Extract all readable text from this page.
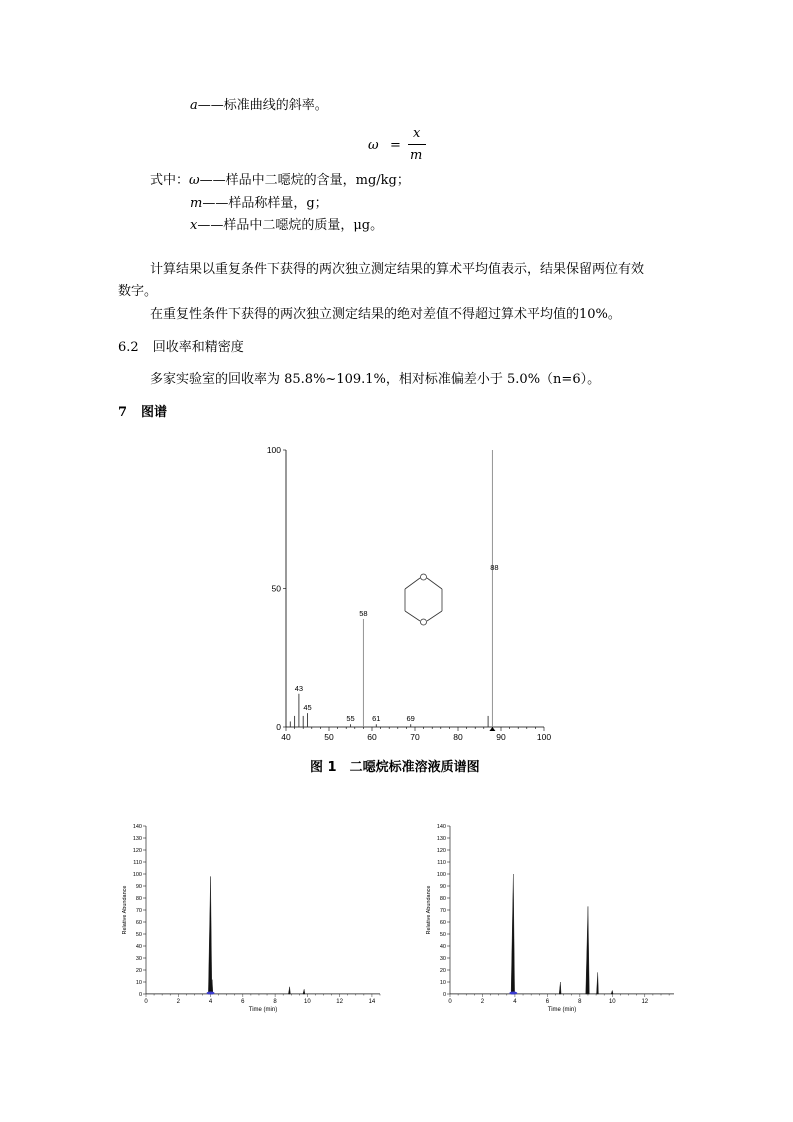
a——标准曲线的斜率。
ω =
x
m
式中：ω——样品中二噁烷的含量，mg/kg；
m——样品称样量，g；
x——样品中二噁烷的质量，μg。
计算结果以重复条件下获得的两次独立测定结果的算术平均值表示，结果保留两位有效
数字。
在重复性条件下获得的两次独立测定结果的绝对差值不得超过算术平均值的10%。
6.2 回收率和精密度
多家实验室的回收率为 85.8%~109.1%，相对标准偏差小于 5.0%（n=6）。
7 图谱
40	50	60	70	80	90	100
0
50
100
43
45
55
58
61	69
88
图 1　二噁烷标准溶液质谱图
0
10
20
30
40
50
60
70
80
90
100
110
120
130
140
0	2	4	6	8	10	12	14
Time (min)
Relative Abundance
0
10
20
30
40
50
60
70
80
90
100
110
120
130
140
0	2	4	6	8	10	12
Time (min)
Relative Abundance
